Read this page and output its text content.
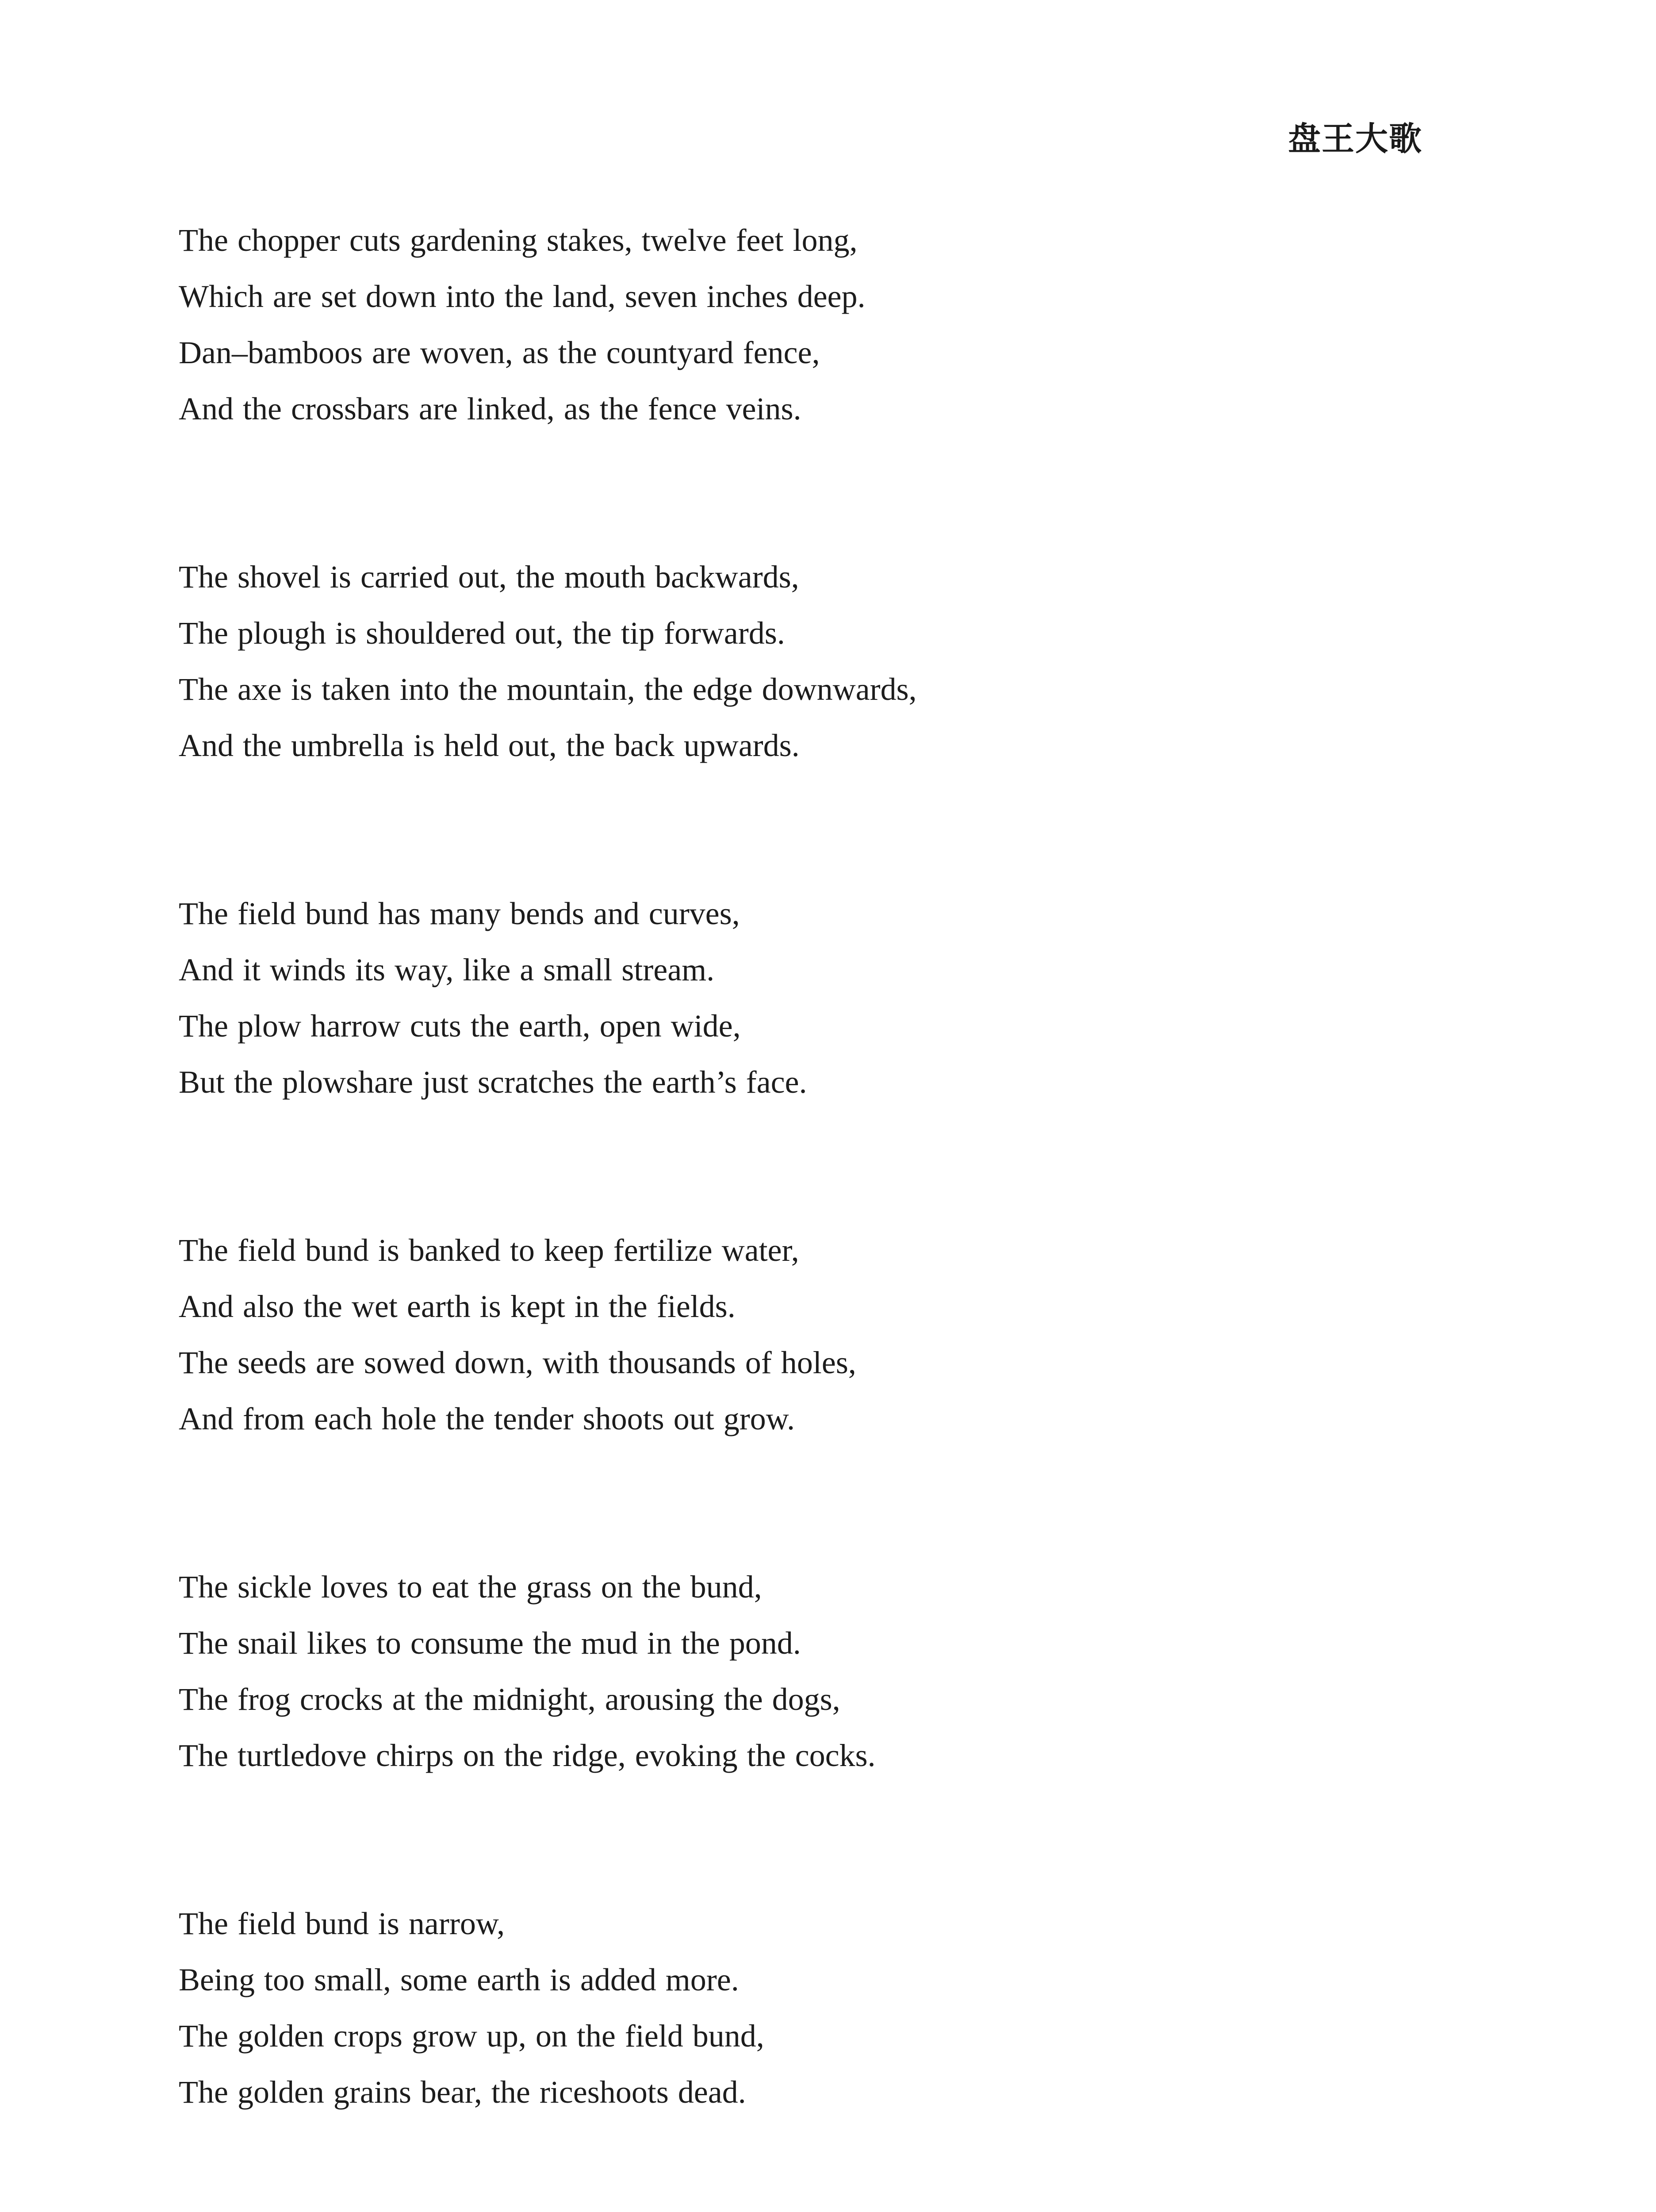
盘王大歌

The chopper cuts gardening stakes, twelve feet long,
Which are set down into the land, seven inches deep.
Dan–bamboos are woven, as the countyard fence,
And the crossbars are linked, as the fence veins.

The shovel is carried out, the mouth backwards,
The plough is shouldered out, the tip forwards.
The axe is taken into the mountain, the edge downwards,
And the umbrella is held out, the back upwards.

The field bund has many bends and curves,
And it winds its way, like a small stream.
The plow harrow cuts the earth, open wide,
But the plowshare just scratches the earth’s face.

The field bund is banked to keep fertilize water,
And also the wet earth is kept in the fields.
The seeds are sowed down, with thousands of holes,
And from each hole the tender shoots out grow.

The sickle loves to eat the grass on the bund,
The snail likes to consume the mud in the pond.
The frog crocks at the midnight, arousing the dogs,
The turtledove chirps on the ridge, evoking the cocks.

The field bund is narrow,
Being too small, some earth is added more.
The golden crops grow up, on the field bund,
The golden grains bear, the riceshoots dead.
